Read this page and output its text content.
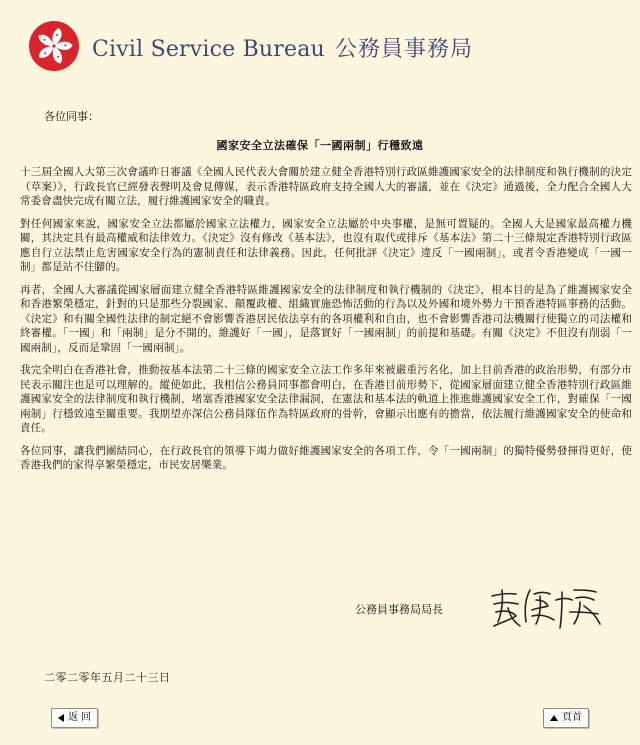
Civil Service Bureau 公務員事務局
各位同事：
國家安全立法確保「一國兩制」行穩致遠

十三屆全國人大第三次會議昨日審議《全國人民代表大會關於建立健全香港特別行政區維護國家安全的法律制度和執行機制的決定（草案）》，行政長官已經發表聲明及會見傳媒，表示香港特區政府支持全國人大的審議，並在《決定》通過後，全力配合全國人大常委會盡快完成有關立法，履行維護國家安全的職責。

對任何國家來說，國家安全立法都屬於國家立法權力，國家安全立法屬於中央事權，是無可置疑的。全國人大是國家最高權力機關，其決定具有最高權威和法律效力。《決定》沒有修改《基本法》，也沒有取代或排斥《基本法》第二十三條規定香港特別行政區應自行立法禁止危害國家安全行為的憲制責任和法律義務。因此，任何批評《決定》違反「一國兩制」，或者令香港變成「一國一制」都是站不住腳的。

再者，全國人大審議從國家層面建立健全香港特區維護國家安全的法律制度和執行機制的《決定》，根本目的是為了維護國家安全和香港繁榮穩定，針對的只是那些分裂國家、顛覆政權、組織實施恐怖活動的行為以及外國和境外勢力干預香港特區事務的活動。《決定》和有關全國性法律的制定絕不會影響香港居民依法享有的各項權利和自由，也不會影響香港司法機關行使獨立的司法權和終審權。「一國」和「兩制」是分不開的，維護好「一國」，是落實好「一國兩制」的前提和基礎。有關《決定》不但沒有削弱「一國兩制」，反而是鞏固「一國兩制」。

我完全明白在香港社會，推動按基本法第二十三條的國家安全立法工作多年來被嚴重污名化，加上目前香港的政治形勢，有部分市民表示關注也是可以理解的。縱使如此，我相信公務員同事都會明白，在香港目前形勢下，從國家層面建立健全香港特別行政區維護國家安全的法律制度和執行機制，堵塞香港國家安全法律漏洞，在憲法和基本法的軌道上推進維護國家安全工作，對確保「一國兩制」行穩致遠至關重要。我期望亦深信公務員隊伍作為特區政府的骨幹，會顯示出應有的擔當，依法履行維護國家安全的使命和責任。

各位同事，讓我們團結同心，在行政長官的領導下竭力做好維護國家安全的各項工作，令「一國兩制」的獨特優勢發揮得更好，使香港我們的家得享繁榮穩定，市民安居樂業。

公務員事務局局長
二零二零年五月二十三日
返 回	頁首
